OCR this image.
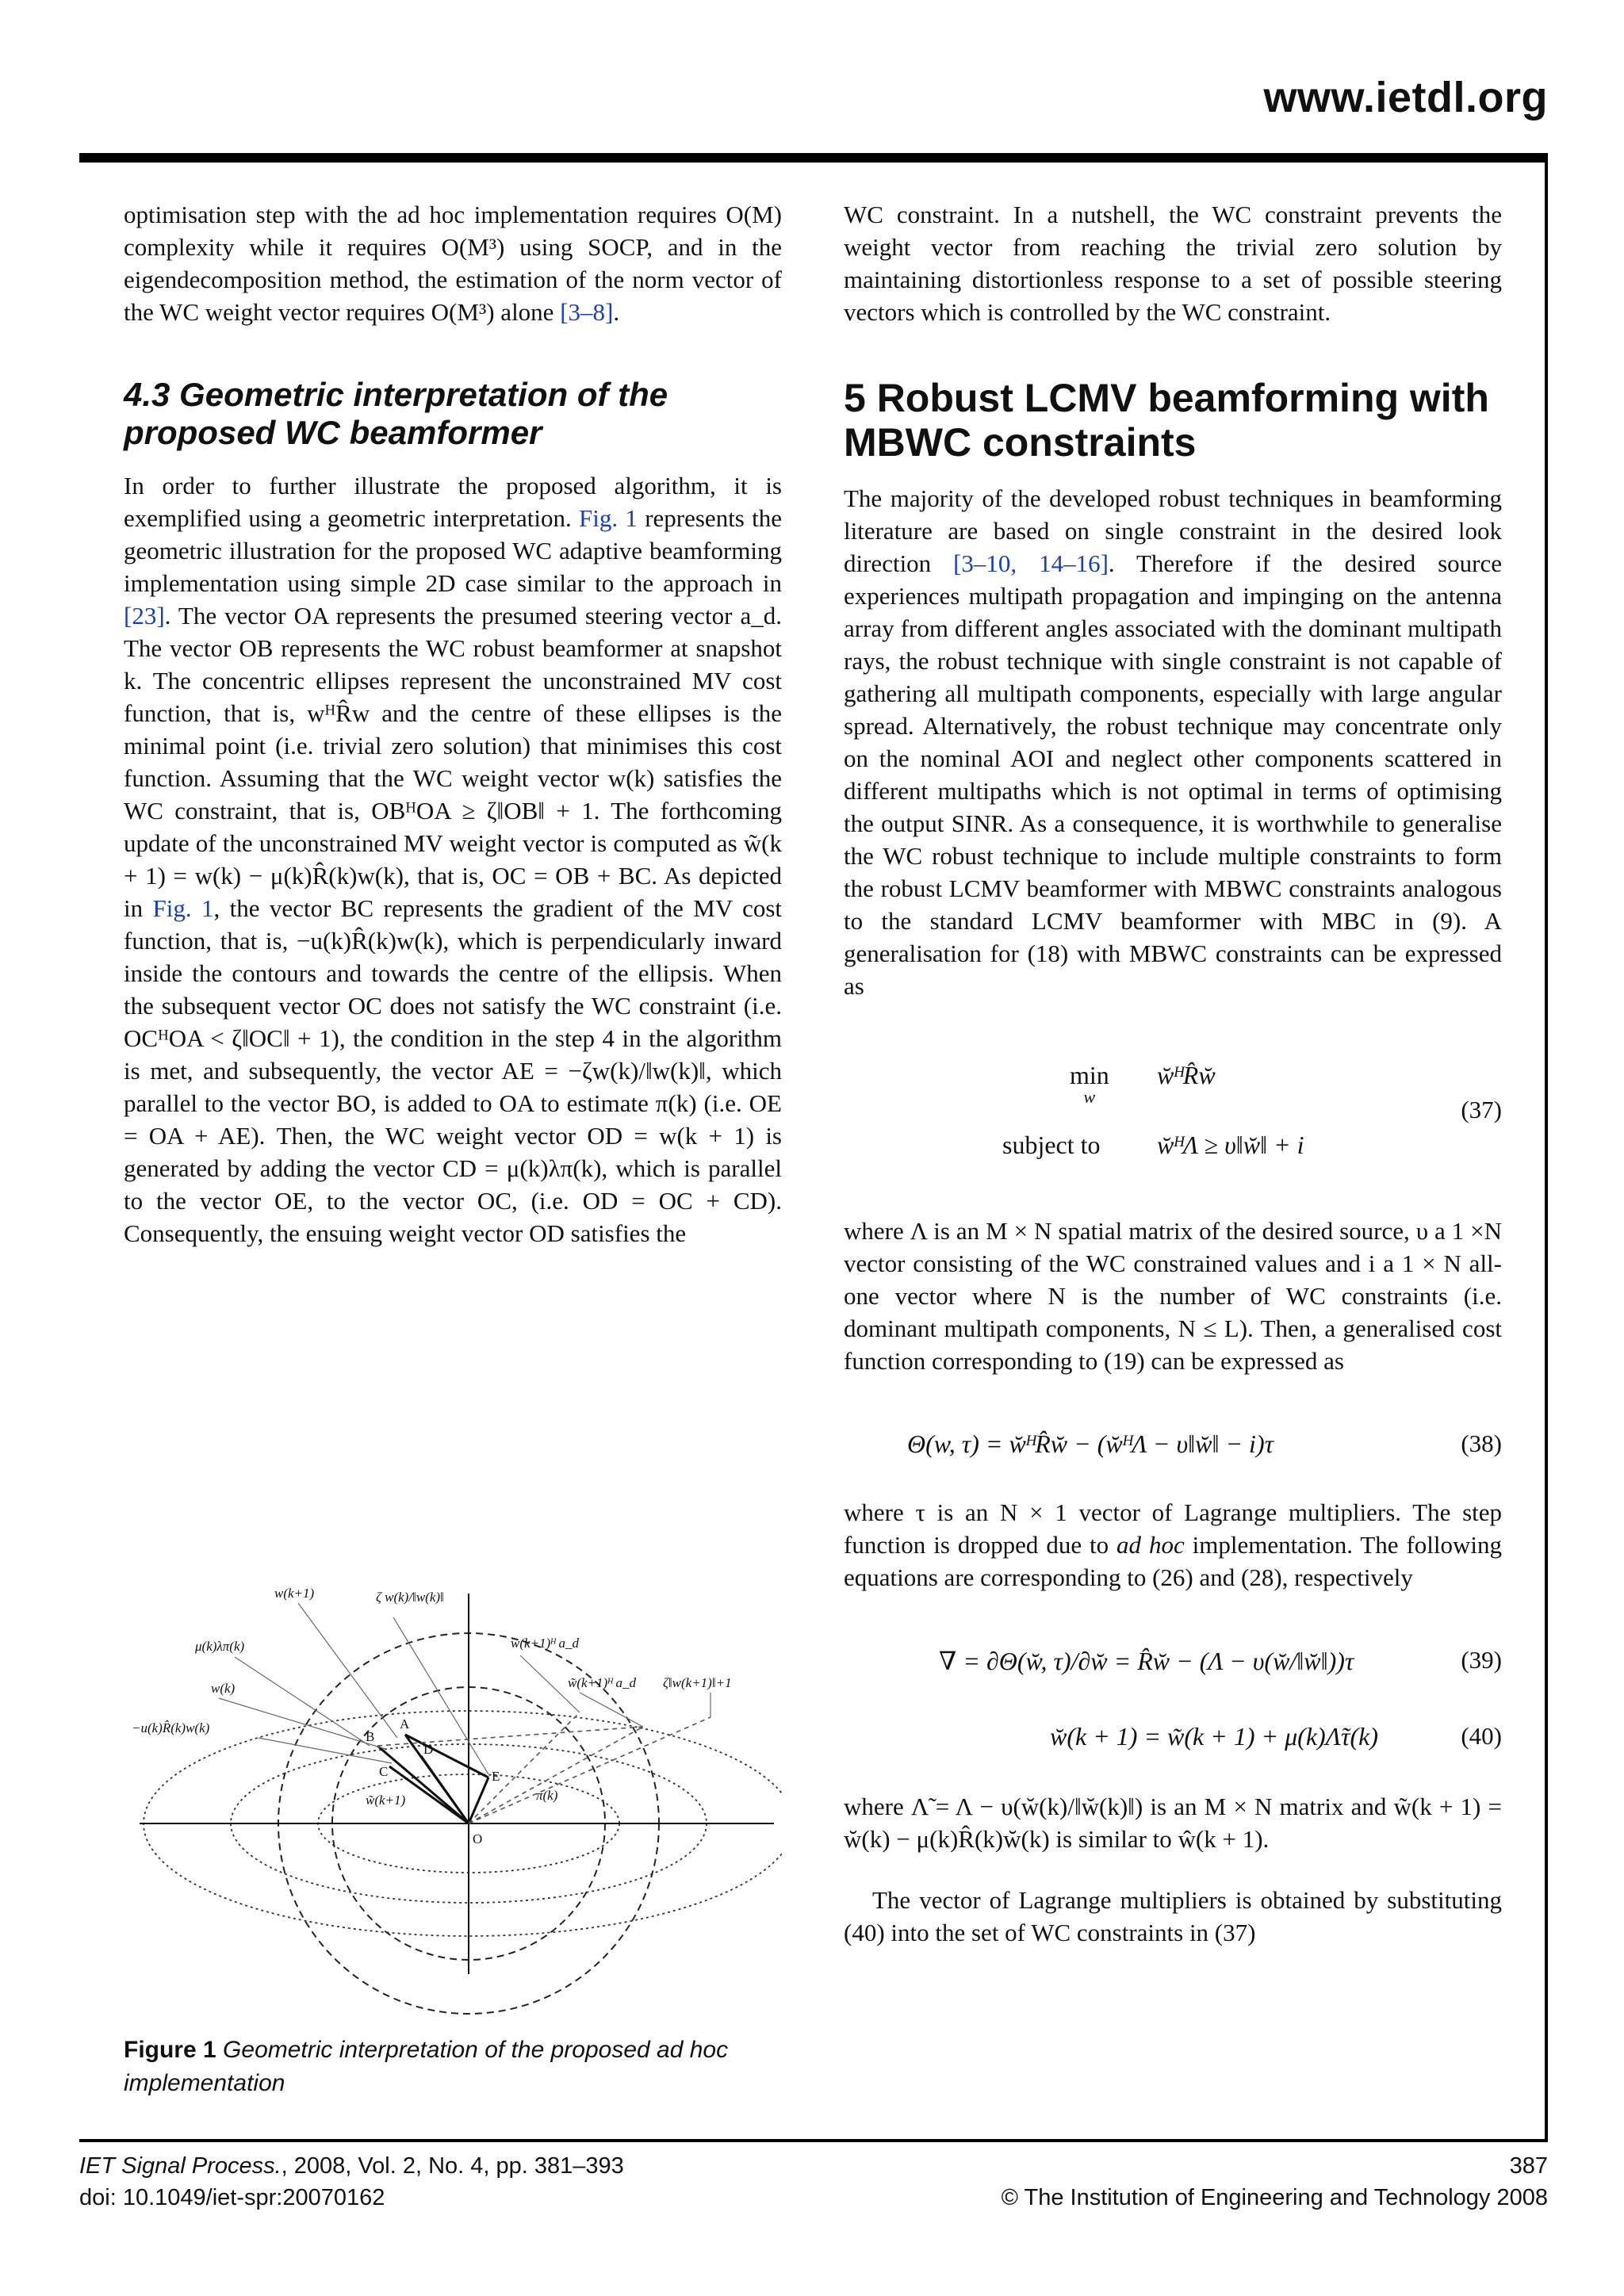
www.ietdl.org

optimisation step with the ad hoc implementation requires O(M) complexity while it requires O(M³) using SOCP, and in the eigendecomposition method, the estimation of the norm vector of the WC weight vector requires O(M³) alone [3–8].

4.3 Geometric interpretation of the proposed WC beamformer

In order to further illustrate the proposed algorithm, it is exemplified using a geometric interpretation. Fig. 1 represents the geometric illustration for the proposed WC adaptive beamforming implementation using simple 2D case similar to the approach in [23]. The vector OA represents the presumed steering vector a_d. The vector OB represents the WC robust beamformer at snapshot k. The concentric ellipses represent the unconstrained MV cost function, that is, wᴴR̂w and the centre of these ellipses is the minimal point (i.e. trivial zero solution) that minimises this cost function. Assuming that the WC weight vector w(k) satisfies the WC constraint, that is, OBᴴOA ≥ ζ‖OB‖ + 1. The forthcoming update of the unconstrained MV weight vector is computed as w̃(k + 1) = w(k) − μ(k)R̂(k)w(k), that is, OC = OB + BC. As depicted in Fig. 1, the vector BC represents the gradient of the MV cost function, that is, −u(k)R̂(k)w(k), which is perpendicularly inward inside the contours and towards the centre of the ellipsis. When the subsequent vector OC does not satisfy the WC constraint (i.e. OCᴴOA < ζ‖OC‖ + 1), the condition in the step 4 in the algorithm is met, and subsequently, the vector AE = −ζw(k)/‖w(k)‖, which parallel to the vector BO, is added to OA to estimate π(k) (i.e. OE = OA + AE). Then, the WC weight vector OD = w(k + 1) is generated by adding the vector CD = μ(k)λπ(k), which is parallel to the vector OE, to the vector OC, (i.e. OD = OC + CD). Consequently, the ensuing weight vector OD satisfies the

w(k+1)	ζ w(k)/‖w(k)‖
μ(k)λπ(k)	w(k+1)ᴴ a_d
w̃(k+1)ᴴ a_d
w(k)	ζ‖w(k+1)‖+1
−u(k)R̂(k)w(k)
w̃(k+1)	π(k)
O
A
B
C
D
E

Figure 1 Geometric interpretation of the proposed ad hoc implementation

WC constraint. In a nutshell, the WC constraint prevents the weight vector from reaching the trivial zero solution by maintaining distortionless response to a set of possible steering vectors which is controlled by the WC constraint.

5 Robust LCMV beamforming with MBWC constraints

The majority of the developed robust techniques in beamforming literature are based on single constraint in the desired look direction [3–10, 14–16]. Therefore if the desired source experiences multipath propagation and impinging on the antenna array from different angles associated with the dominant multipath rays, the robust technique with single constraint is not capable of gathering all multipath components, especially with large angular spread. Alternatively, the robust technique may concentrate only on the nominal AOI and neglect other components scattered in different multipaths which is not optimal in terms of optimising the output SINR. As a consequence, it is worthwhile to generalise the WC robust technique to include multiple constraints to form the robust LCMV beamformer with MBWC constraints analogous to the standard LCMV beamformer with MBC in (9). A generalisation for (18) with MBWC constraints can be expressed as

min
w
w̆ᴴR̂w̆
subject to w̆ᴴΛ ≥ υ‖w̆‖ + i
(37)

where Λ is an M × N spatial matrix of the desired source, υ a 1 ×N vector consisting of the WC constrained values and i a 1 × N all-one vector where N is the number of WC constraints (i.e. dominant multipath components, N ≤ L). Then, a generalised cost function corresponding to (19) can be expressed as

Θ(w, τ) = w̆ᴴR̂w̆ − (w̆ᴴΛ − υ‖w̆‖ − i)τ	(38)

where τ is an N × 1 vector of Lagrange multipliers. The step function is dropped due to ad hoc implementation. The following equations are corresponding to (26) and (28), respectively

∇ = ∂Θ(w̆, τ)/∂w̆ = R̂w̆ − (Λ − υ(w̆/‖w̆‖))τ	(39)
w̆(k + 1) = w̃(k + 1) + μ(k)Λ̃τ(k)	(40)

where Λ̃ = Λ − υ(w̆(k)/‖w̆(k)‖) is an M × N matrix and w̃(k + 1) = w̆(k) − μ(k)R̂(k)w̆(k) is similar to ŵ(k + 1).

The vector of Lagrange multipliers is obtained by substituting (40) into the set of WC constraints in (37)

IET Signal Process., 2008, Vol. 2, No. 4, pp. 381–393
doi: 10.1049/iet-spr:20070162
387
© The Institution of Engineering and Technology 2008
